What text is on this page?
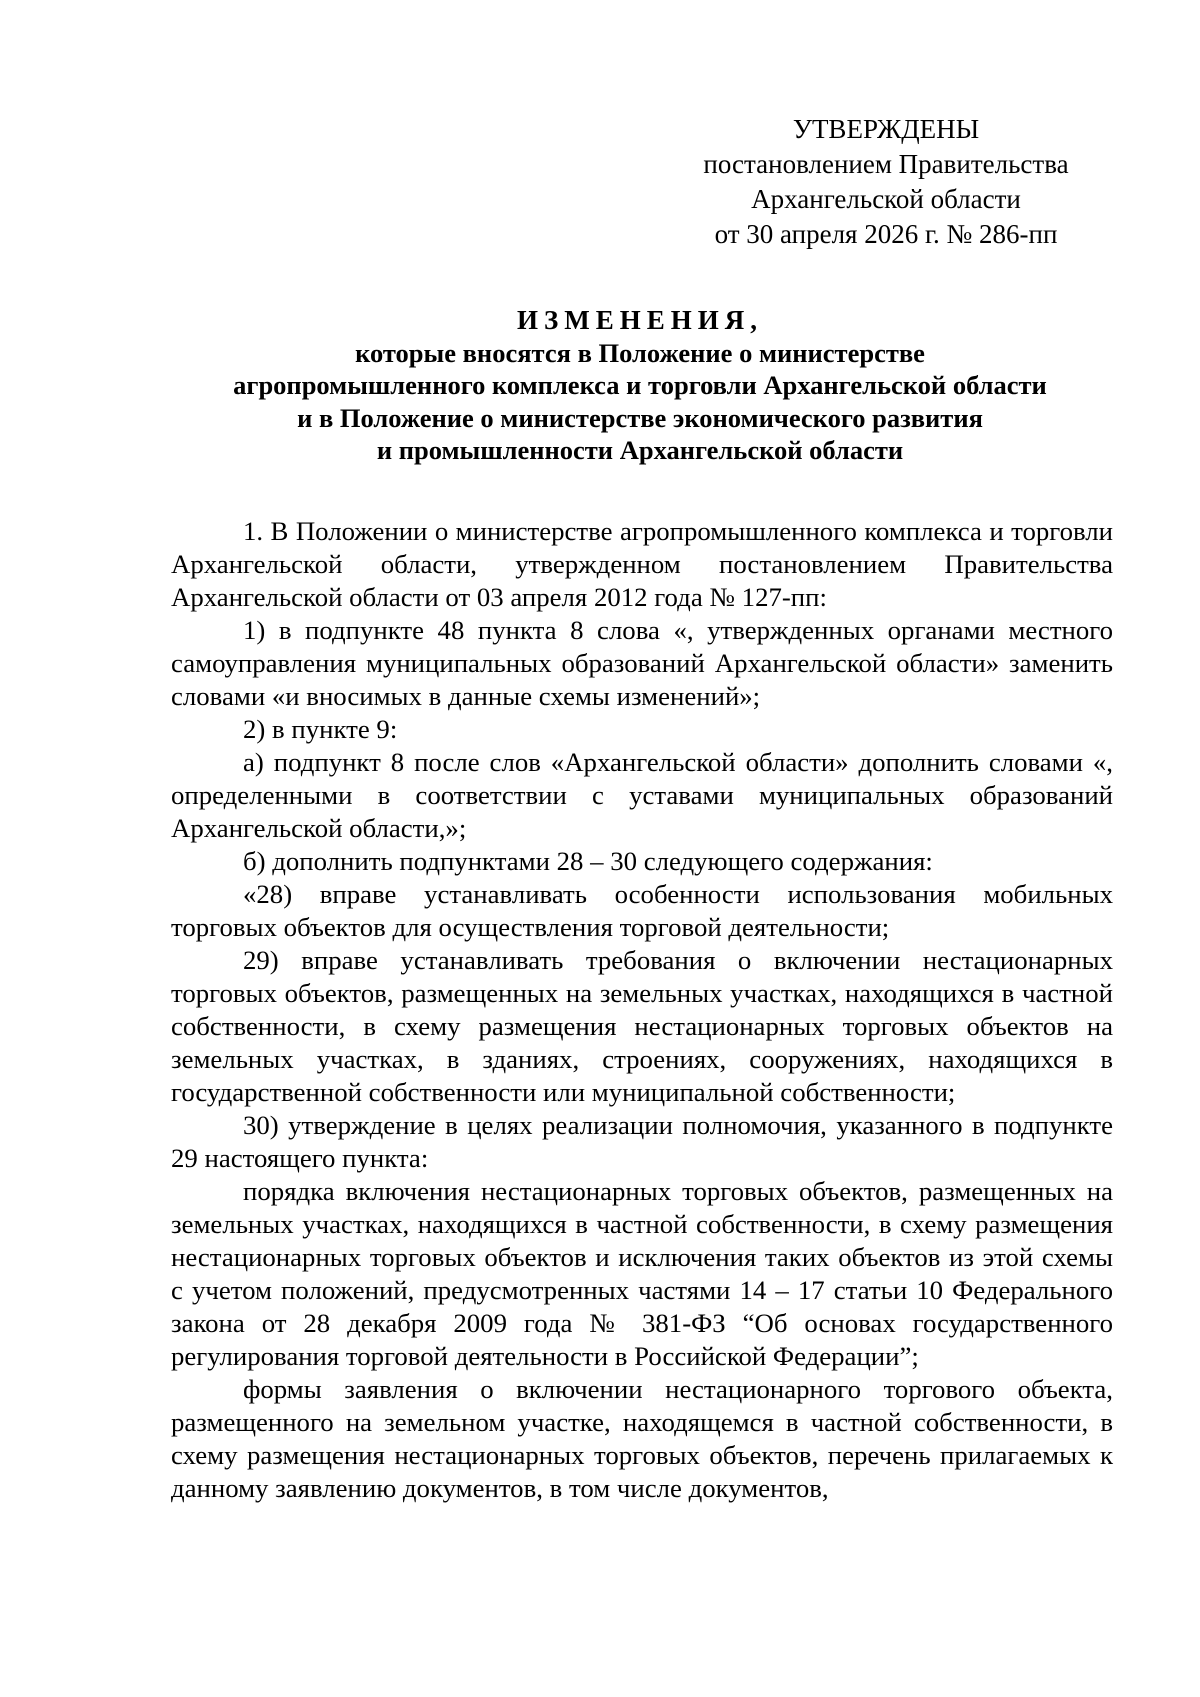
УТВЕРЖДЕНЫ
постановлением Правительства
Архангельской области
от 30 апреля 2026 г. № 286-пп
ИЗМЕНЕНИЯ,
которые вносятся в Положение о министерстве
агропромышленного комплекса и торговли Архангельской области
и в Положение о министерстве экономического развития
и промышленности Архангельской области

1. В Положении о министерстве агропромышленного комплекса и торговли Архангельской области, утвержденном постановлением Правительства Архангельской области от 03 апреля 2012 года № 127-пп:

1) в подпункте 48 пункта 8 слова «, утвержденных органами местного самоуправления муниципальных образований Архангельской области» заменить словами «и вносимых в данные схемы изменений»;

2) в пункте 9:

а) подпункт 8 после слов «Архангельской области» дополнить словами «, определенными в соответствии с уставами муниципальных образований Архангельской области,»;

б) дополнить подпунктами 28 – 30 следующего содержания:

«28) вправе устанавливать особенности использования мобильных торговых объектов для осуществления торговой деятельности;

29) вправе устанавливать требования о включении нестационарных торговых объектов, размещенных на земельных участках, находящихся в частной собственности, в схему размещения нестационарных торговых объектов на земельных участках, в зданиях, строениях, сооружениях, находящихся в государственной собственности или муниципальной собственности;

30) утверждение в целях реализации полномочия, указанного в подпункте 29 настоящего пункта:

порядка включения нестационарных торговых объектов, размещенных на земельных участках, находящихся в частной собственности, в схему размещения нестационарных торговых объектов и исключения таких объектов из этой схемы с учетом положений, предусмотренных частями 14 – 17 статьи 10 Федерального закона от 28 декабря 2009 года № 381-ФЗ “Об основах государственного регулирования торговой деятельности в Российской Федерации”;

формы заявления о включении нестационарного торгового объекта, размещенного на земельном участке, находящемся в частной собственности, в схему размещения нестационарных торговых объектов, перечень прилагаемых к данному заявлению документов, в том числе документов,
